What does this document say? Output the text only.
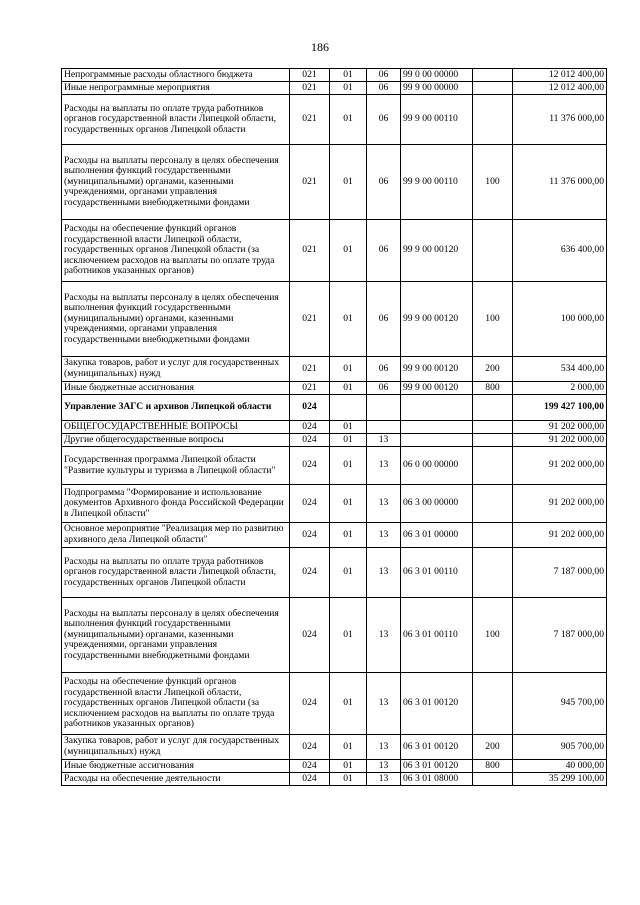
186
Непрограммные расходы областного бюджета	021	01	06	99 0 00 00000		12 012 400,00
Иные непрограммные мероприятия	021	01	06	99 9 00 00000		12 012 400,00
Расходы на выплаты по оплате труда работников органов государственной власти Липецкой области, государственных органов Липецкой области	021	01	06	99 9 00 00110		11 376 000,00
Расходы на выплаты персоналу в целях обеспечения выполнения функций государственными (муниципальными) органами, казенными учреждениями, органами управления государственными внебюджетными фондами	021	01	06	99 9 00 00110	100	11 376 000,00
Расходы на обеспечение функций органов государственной власти Липецкой области, государственных органов Липецкой области (за исключением расходов на выплаты по оплате труда работников указанных органов)	021	01	06	99 9 00 00120		636 400,00
Расходы на выплаты персоналу в целях обеспечения выполнения функций государственными (муниципальными) органами, казенными учреждениями, органами управления государственными внебюджетными фондами	021	01	06	99 9 00 00120	100	100 000,00
Закупка товаров, работ и услуг для государственных (муниципальных) нужд	021	01	06	99 9 00 00120	200	534 400,00
Иные бюджетные ассигнования	021	01	06	99 9 00 00120	800	2 000,00
Управление ЗАГС и архивов Липецкой области	024					199 427 100,00
ОБЩЕГОСУДАРСТВЕННЫЕ ВОПРОСЫ	024	01				91 202 000,00
Другие общегосударственные вопросы	024	01	13			91 202 000,00
Государственная программа Липецкой области "Развитие культуры и туризма в Липецкой области"	024	01	13	06 0 00 00000		91 202 000,00
Подпрограмма "Формирование и использование документов Архивного фонда Российской Федерации в Липецкой области"	024	01	13	06 3 00 00000		91 202 000,00
Основное мероприятие "Реализация мер по развитию архивного дела Липецкой области"	024	01	13	06 3 01 00000		91 202 000,00
Расходы на выплаты по оплате труда работников органов государственной власти Липецкой области, государственных органов Липецкой области	024	01	13	06 3 01 00110		7 187 000,00
Расходы на выплаты персоналу в целях обеспечения выполнения функций государственными (муниципальными) органами, казенными учреждениями, органами управления государственными внебюджетными фондами	024	01	13	06 3 01 00110	100	7 187 000,00
Расходы на обеспечение функций органов государственной власти Липецкой области, государственных органов Липецкой области (за исключением расходов на выплаты по оплате труда работников указанных органов)	024	01	13	06 3 01 00120		945 700,00
Закупка товаров, работ и услуг для государственных (муниципальных) нужд	024	01	13	06 3 01 00120	200	905 700,00
Иные бюджетные ассигнования	024	01	13	06 3 01 00120	800	40 000,00
Расходы на обеспечение деятельности	024	01	13	06 3 01 08000		35 299 100,00
